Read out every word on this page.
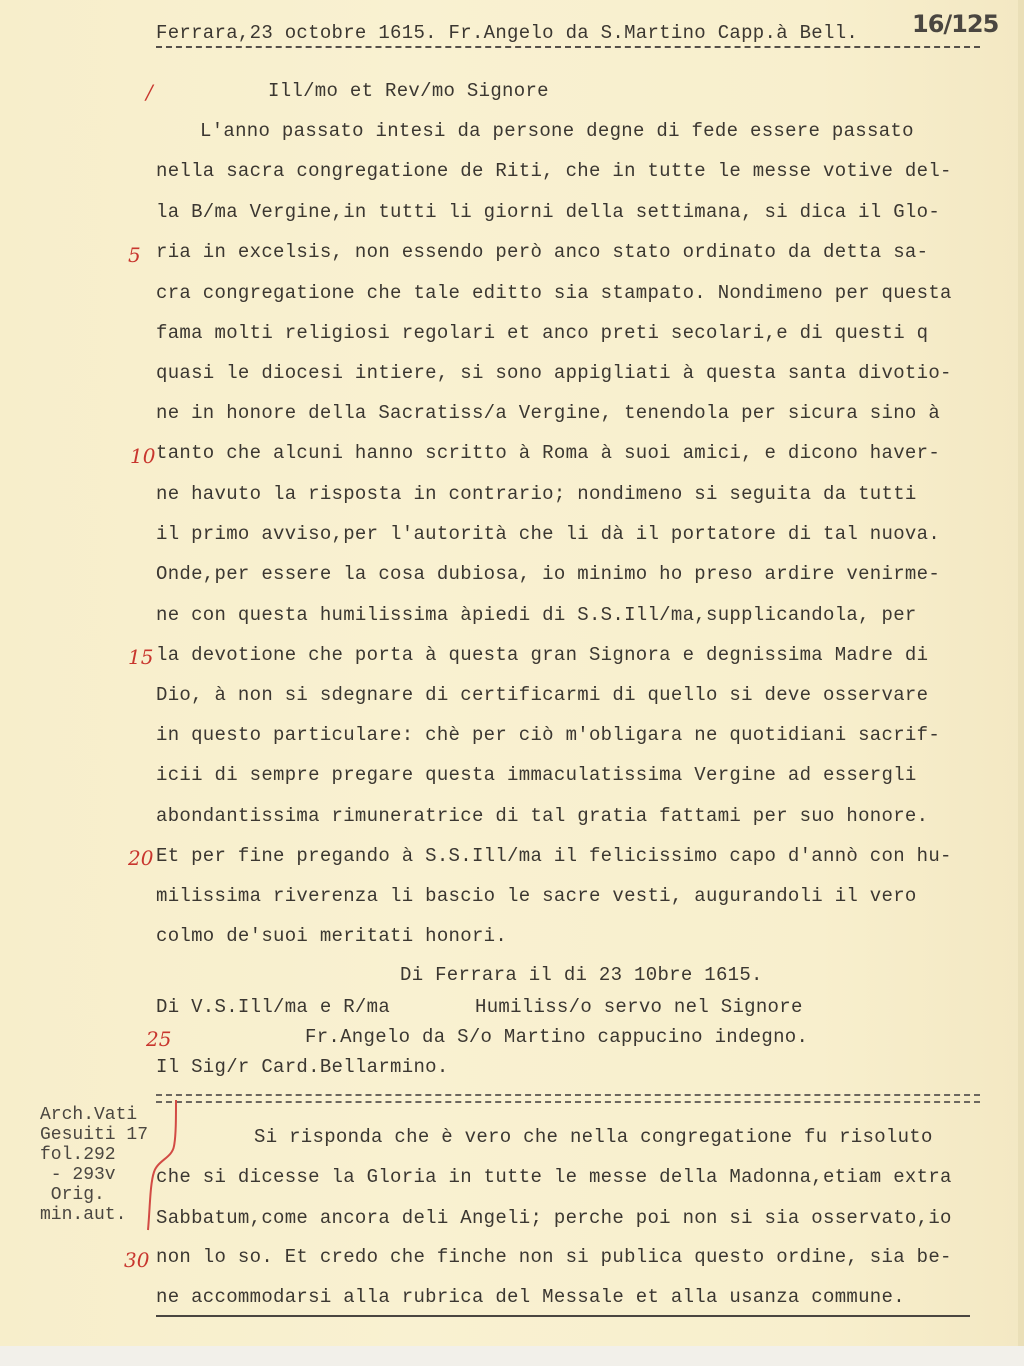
Ferrara,23 octobre 1615. Fr.Angelo da S.Martino Capp.à Bell. 16/125
/	Ill/mo et Rev/mo Signore
L'anno passato intesi da persone degne di fede essere passato
nella sacra congregatione de Riti, che in tutte le messe votive del-
la B/ma Vergine,in tutti li giorni della settimana, si dica il Glo-
ria in excelsis, non essendo però anco stato ordinato da detta sa-
cra congregatione che tale editto sia stampato. Nondimeno per questa
fama molti religiosi regolari et anco preti secolari,e di questi q
quasi le diocesi intiere, si sono appigliati à questa santa divotio-
ne in honore della Sacratiss/a Vergine, tenendola per sicura sino à
tanto che alcuni hanno scritto à Roma à suoi amici, e dicono haver-
ne havuto la risposta in contrario; nondimeno si seguita da tutti
il primo avviso,per l'autorità che li dà il portatore di tal nuova.
Onde,per essere la cosa dubiosa, io minimo ho preso ardire venirme-
ne con questa humilissima àpiedi di S.S.Ill/ma,supplicandola, per
la devotione che porta à questa gran Signora e degnissima Madre di
Dio, à non si sdegnare di certificarmi di quello si deve osservare
in questo particulare: chè per ciò m'obligara ne quotidiani sacrif-
icii di sempre pregare questa immaculatissima Vergine ad essergli
abondantissima rimuneratrice di tal gratia fattami per suo honore.
Et per fine pregando à S.S.Ill/ma il felicissimo capo d'annò con hu-
milissima riverenza li bascio le sacre vesti, augurandoli il vero
colmo de'suoi meritati honori.
5
10
15
20
25
30
Di Ferrara il di 23 10bre 1615.
Di V.S.Ill/ma e R/ma	Humiliss/o servo nel Signore
Fr.Angelo da S/o Martino cappucino indegno.
Il Sig/r Card.Bellarmino.
Arch.Vati
Gesuiti 17
fol.292
- 293v
Orig.
min.aut.
Si risponda che è vero che nella congregatione fu risoluto
che si dicesse la Gloria in tutte le messe della Madonna,etiam extra
Sabbatum,come ancora deli Angeli; perche poi non si sia osservato,io
non lo so. Et credo che finche non si publica questo ordine, sia be-
ne accommodarsi alla rubrica del Messale et alla usanza commune.
